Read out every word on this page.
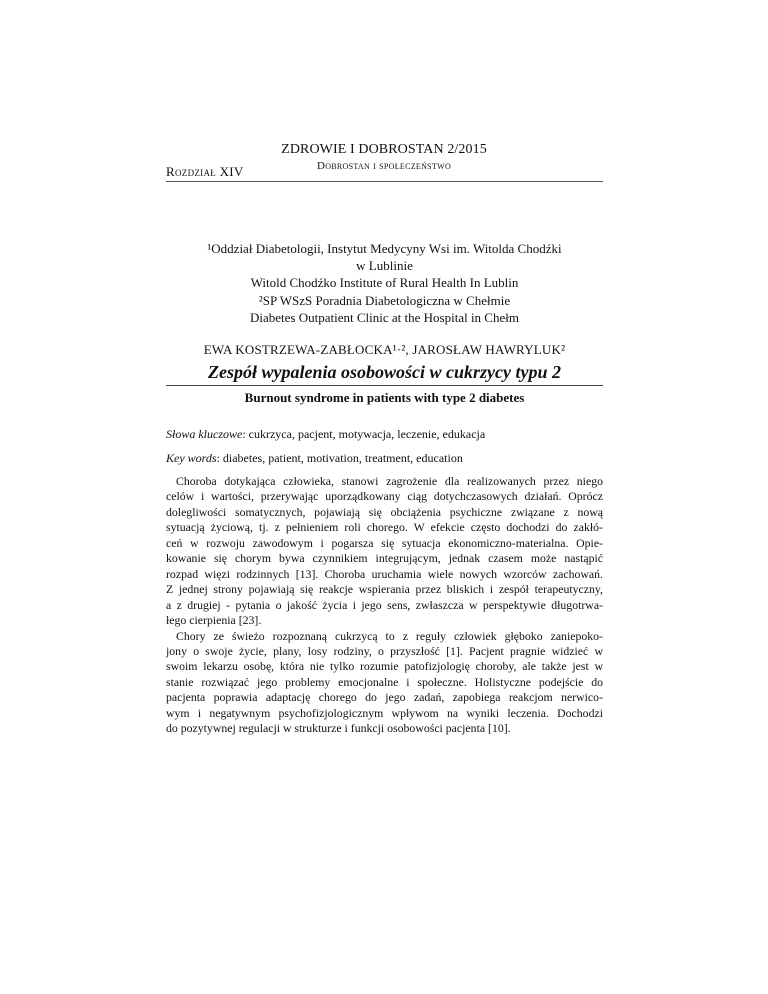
ZDROWIE I DOBROSTAN 2/2015
Dobrostan i społeczeństwo
Rozdział XIV
¹Oddział Diabetologii, Instytut Medycyny Wsi im. Witolda Chodźki
w Lublinie
Witold Chodźko Institute of Rural Health In Lublin
²SP WSzS Poradnia Diabetologiczna w Chełmie
Diabetes Outpatient Clinic at the Hospital in Chełm
EWA KOSTRZEWA-ZABŁOCKA¹·², JAROSŁAW HAWRYLUK²
Zespół wypalenia osobowości w cukrzycy typu 2
Burnout syndrome in patients with type 2 diabetes
Słowa kluczowe: cukrzyca, pacjent, motywacja, leczenie, edukacja
Key words: diabetes, patient, motivation, treatment, education

Choroba dotykająca człowieka, stanowi zagrożenie dla realizowanych przez niego
celów i wartości, przerywając uporządkowany ciąg dotychczasowych działań. Oprócz
dolegliwości somatycznych, pojawiają się obciążenia psychiczne związane z nową
sytuacją życiową, tj. z pełnieniem roli chorego. W efekcie często dochodzi do zakłó-
ceń w rozwoju zawodowym i pogarsza się sytuacja ekonomiczno-materialna. Opie-
kowanie się chorym bywa czynnikiem integrującym, jednak czasem może nastąpić
rozpad więzi rodzinnych [13]. Choroba uruchamia wiele nowych wzorców zachowań.
Z jednej strony pojawiają się reakcje wspierania przez bliskich i zespół terapeutyczny,
a z drugiej - pytania o jakość życia i jego sens, zwłaszcza w perspektywie długotrwa-
łego cierpienia [23].

Chory ze świeżo rozpoznaną cukrzycą to z reguły człowiek głęboko zaniepoko-
jony o swoje życie, plany, losy rodziny, o przyszłość [1]. Pacjent pragnie widzieć w
swoim lekarzu osobę, która nie tylko rozumie patofizjologię choroby, ale także jest w
stanie rozwiązać jego problemy emocjonalne i społeczne. Holistyczne podejście do
pacjenta poprawia adaptację chorego do jego zadań, zapobiega reakcjom nerwico-
wym i negatywnym psychofizjologicznym wpływom na wyniki leczenia. Dochodzi
do pozytywnej regulacji w strukturze i funkcji osobowości pacjenta [10].
